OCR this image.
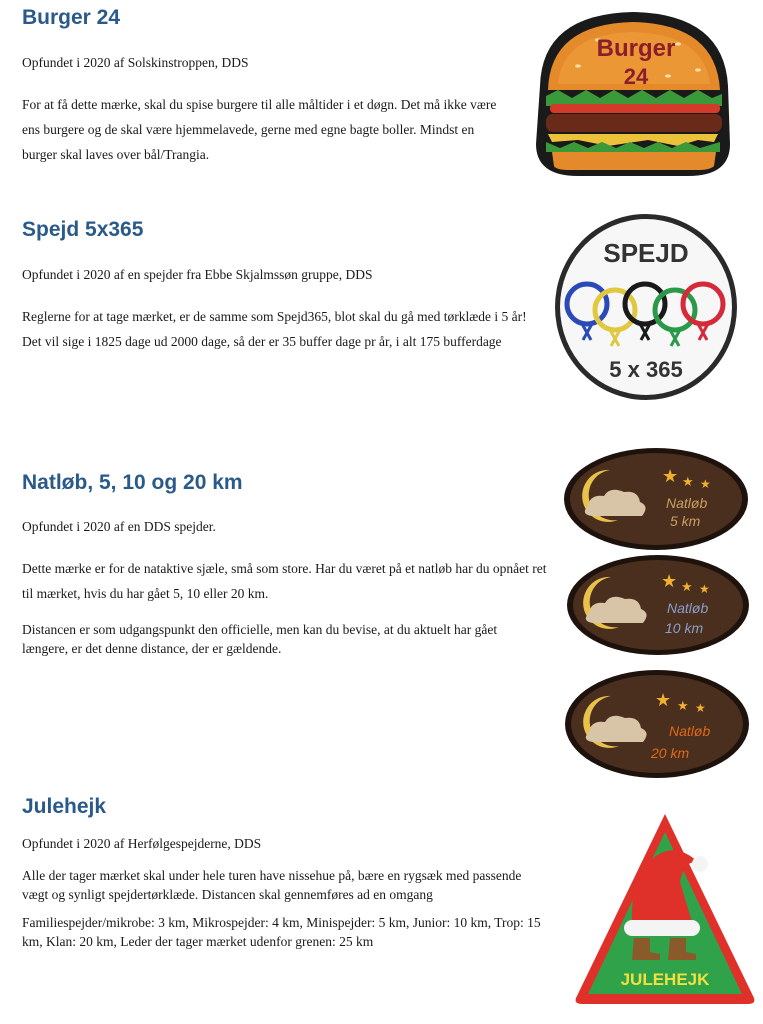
Burger 24

Opfundet i 2020 af Solskinstroppen, DDS

For at få dette mærke, skal du spise burgere til alle måltider i et døgn. Det må ikke være ens burgere og de skal være hjemmelavede, gerne med egne bagte boller. Mindst en burger skal laves over bål/Trangia.

Burger
24
Spejd 5x365

Opfundet i 2020 af en spejder fra Ebbe Skjalmssøn gruppe, DDS

Reglerne for at tage mærket, er de samme som Spejd365, blot skal du gå med tørklæde i 5 år! Det vil sige i 1825 dage ud 2000 dage, så der er 35 buffer dage pr år, i alt 175 bufferdage

SPEJD
5 x 365
Natløb, 5, 10 og 20 km

Opfundet i 2020 af en DDS spejder.

Dette mærke er for de nataktive sjæle, små som store. Har du været på et natløb har du opnået ret til mærket, hvis du har gået 5, 10 eller 20 km.

Distancen er som udgangspunkt den officielle, men kan du bevise, at du aktuelt har gået længere, er det denne distance, der er gældende.

★ ★ ★
Natløb
5 km
★ ★ ★
Natløb
10 km
★ ★ ★
Natløb
20 km
Julehejk

Opfundet i 2020 af Herfølgespejderne, DDS

Alle der tager mærket skal under hele turen have nissehue på, bære en rygsæk med passende vægt og synligt spejdertørklæde. Distancen skal gennemføres ad en omgang

Familiespejder/mikrobe: 3 km, Mikrospejder: 4 km, Minispejder: 5 km, Junior: 10 km, Trop: 15 km, Klan: 20 km, Leder der tager mærket udenfor grenen: 25 km

JULEHEJK
